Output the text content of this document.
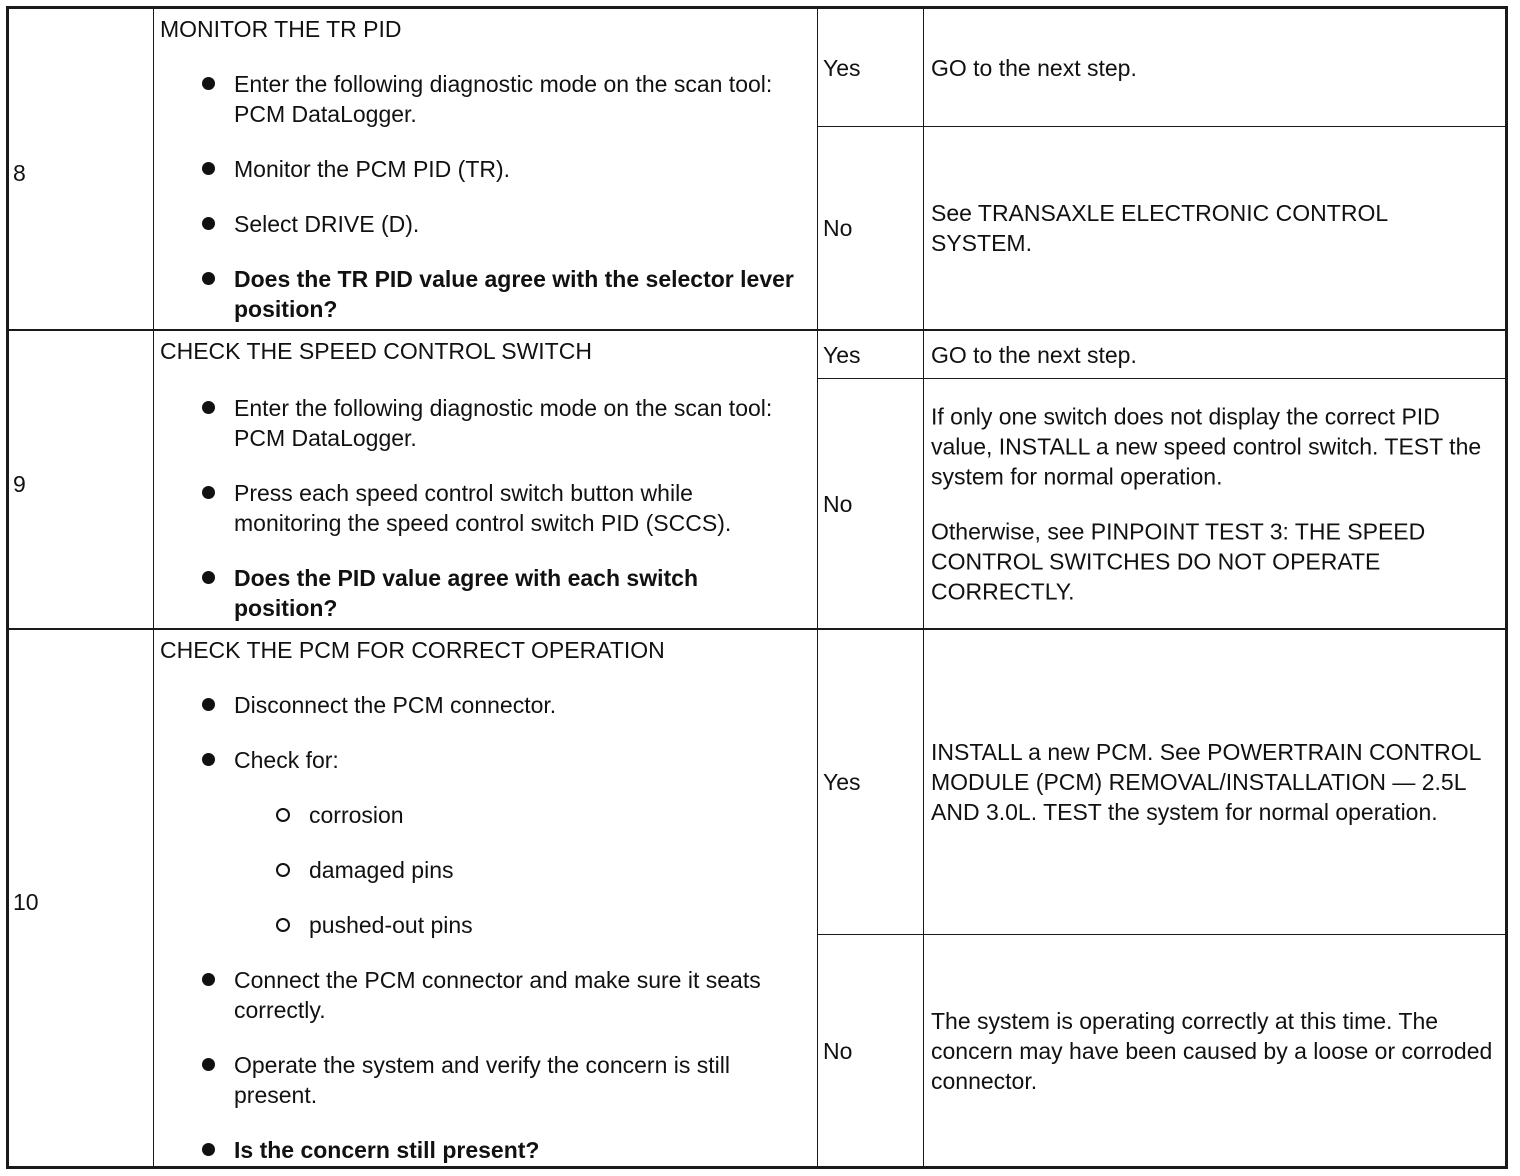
8
MONITOR THE TR PID
Enter the following diagnostic mode on the scan tool: PCM DataLogger.
Monitor the PCM PID (TR).
Select DRIVE (D).
Does the TR PID value agree with the selector lever position?
Yes
No
GO to the next step.
See TRANSAXLE ELECTRONIC CONTROL SYSTEM.
9
CHECK THE SPEED CONTROL SWITCH
Enter the following diagnostic mode on the scan tool: PCM DataLogger.
Press each speed control switch button while monitoring the speed control switch PID (SCCS).
Does the PID value agree with each switch position?
Yes
No
GO to the next step.

If only one switch does not display the correct PID value, INSTALL a new speed control switch. TEST the system for normal operation.

Otherwise, see PINPOINT TEST 3: THE SPEED CONTROL SWITCHES DO NOT OPERATE CORRECTLY.

10
CHECK THE PCM FOR CORRECT OPERATION
Disconnect the PCM connector.
Check for:
corrosion
damaged pins
pushed-out pins
Connect the PCM connector and make sure it seats correctly.
Operate the system and verify the concern is still present.
Is the concern still present?
Yes
No
INSTALL a new PCM. See POWERTRAIN CONTROL MODULE (PCM) REMOVAL/INSTALLATION — 2.5L AND 3.0L. TEST the system for normal operation.
The system is operating correctly at this time. The concern may have been caused by a loose or corroded connector.
